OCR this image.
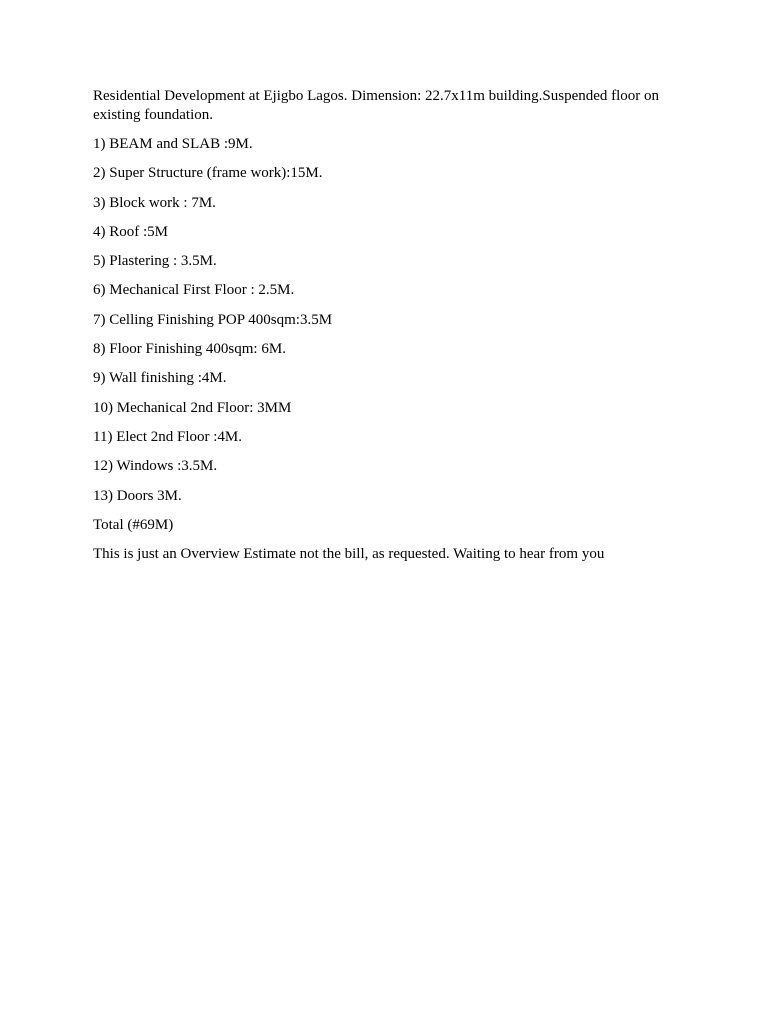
Residential Development at Ejigbo Lagos. Dimension: 22.7x11m building.Suspended floor on existing foundation.

1) BEAM and SLAB :9M.
2) Super Structure (frame work):15M.
3) Block work : 7M.
4) Roof :5M
5) Plastering : 3.5M.
6) Mechanical First Floor : 2.5M.
7) Celling Finishing POP 400sqm:3.5M
8) Floor Finishing 400sqm: 6M.
9) Wall finishing :4M.
10) Mechanical 2nd Floor: 3MM
11) Elect 2nd Floor :4M.
12) Windows :3.5M.
13) Doors 3M.

Total (#69M)

This is just an Overview Estimate not the bill, as requested. Waiting to hear from you
